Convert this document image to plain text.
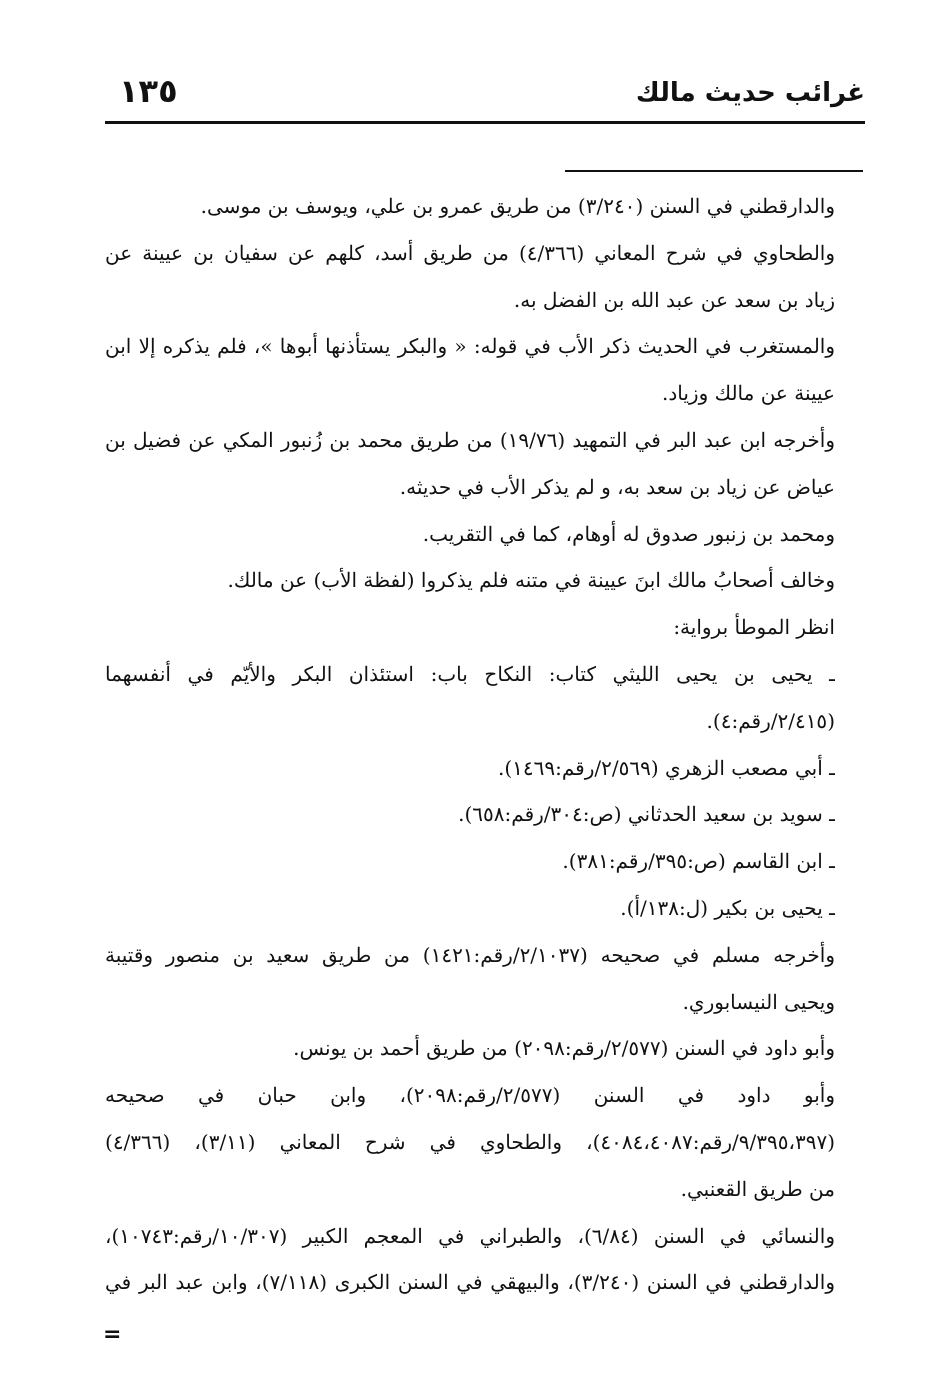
غرائب حديث مالك
١٣٥
والدارقطني في السنن (٣/٢٤٠) من طريق عمرو بن علي، ويوسف بن موسى.
والطحاوي في شرح المعاني (٤/٣٦٦) من طريق أسد، كلهم عن سفيان بن عيينة عن
زياد بن سعد عن عبد الله بن الفضل به.
والمستغرب في الحديث ذكر الأب في قوله: « والبكر يستأذنها أبوها »، فلم يذكره إلا ابن
عيينة عن مالك وزياد.
وأخرجه ابن عبد البر في التمهيد (١٩/٧٦) من طريق محمد بن زُنبور المكي عن فضيل بن
عياض عن زياد بن سعد به، و لم يذكر الأب في حديثه.
ومحمد بن زنبور صدوق له أوهام، كما في التقريب.
وخالف أصحابُ مالك ابنَ عيينة في متنه فلم يذكروا (لفظة الأب) عن مالك.
انظر الموطأ برواية:
ـ يحيى بن يحيى الليثي كتاب: النكاح باب: استئذان البكر والأيّم في أنفسهما
(٢/٤١٥/رقم:٤).
ـ أبي مصعب الزهري (٢/٥٦٩/رقم:١٤٦٩).
ـ سويد بن سعيد الحدثاني (ص:٣٠٤/رقم:٦٥٨).
ـ ابن القاسم (ص:٣٩٥/رقم:٣٨١).
ـ يحيى بن بكير (ل:١٣٨/أ).
وأخرجه مسلم في صحيحه (٢/١٠٣٧/رقم:١٤٢١) من طريق سعيد بن منصور وقتيبة
ويحيى النيسابوري.
وأبو داود في السنن (٢/٥٧٧/رقم:٢٠٩٨) من طريق أحمد بن يونس.
وأبو داود في السنن (٢/٥٧٧/رقم:٢٠٩٨)، وابن حبان في صحيحه
(٩/٣٩٥،٣٩٧/رقم:٤٠٨٤،٤٠٨٧)، والطحاوي في شرح المعاني (٣/١١)، (٤/٣٦٦)
من طريق القعنبي.
والنسائي في السنن (٦/٨٤)، والطبراني في المعجم الكبير (١٠/٣٠٧/رقم:١٠٧٤٣)،
والدارقطني في السنن (٣/٢٤٠)، والبيهقي في السنن الكبرى (٧/١١٨)، وابن عبد البر في
=
